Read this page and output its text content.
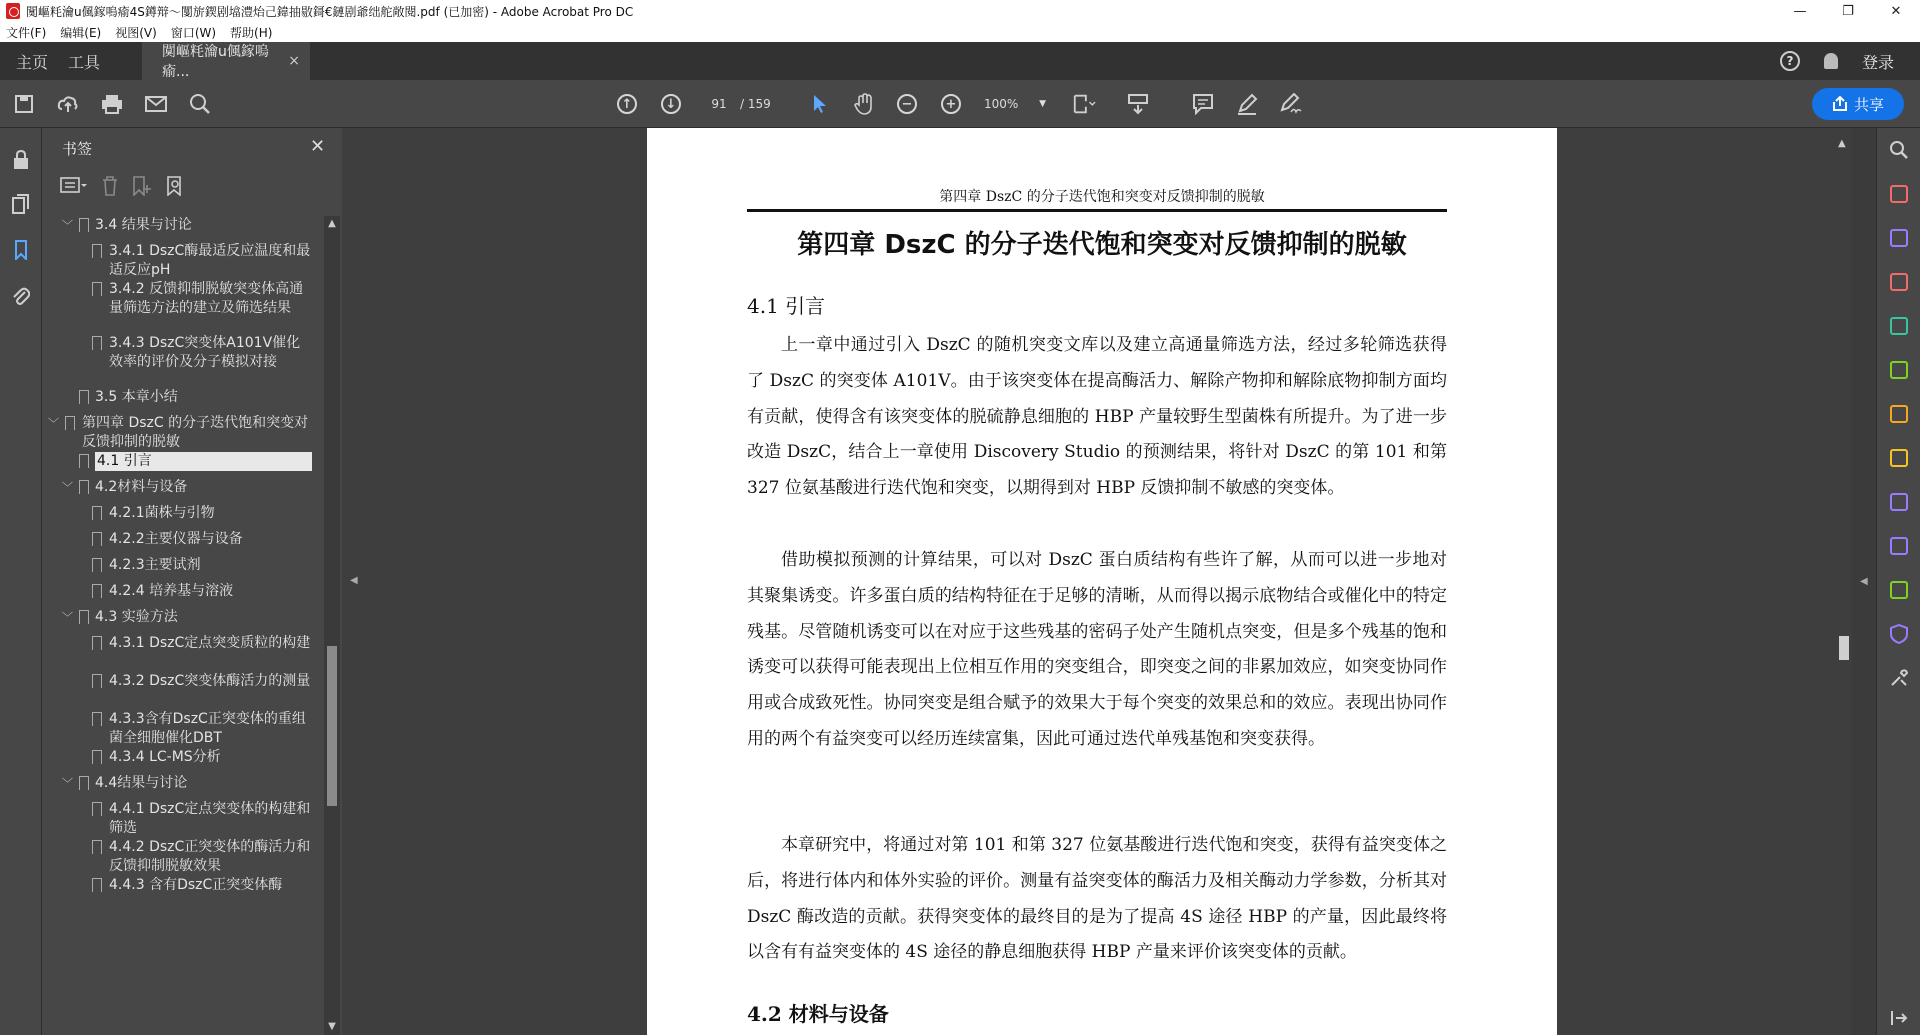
闃嶇粍瀹u偑鎵嗚瘉4S鐏辩～闅旂鍥剧墖澧炲己鍏抽敭鎶€鏈剧爺绌舵敞閱.pdf (已加密) - Adobe Acrobat Pro DC	—	❐	✕
文件(F) 编辑(E) 视图(V) 窗口(W) 帮助(H)
主页	工具
闃嶇粍瀹u偑鎵嗚瘉...
×	?	登录
↑	↓	91	/ 159	−	+	100% ▼	共享
书签	✕
﹀ 3.4 结果与讨论
3.4.1 DszC酶最适反应温度和最适反应pH
3.4.2 反馈抑制脱敏突变体高通量筛选方法的建立及筛选结果
3.4.3 DszC突变体A101V催化效率的评价及分子模拟对接
3.5 本章小结
﹀ 第四章 DszC 的分子迭代饱和突变对反馈抑制的脱敏
4.1 引言
﹀ 4.2材料与设备
4.2.1菌株与引物
4.2.2主要仪器与设备
4.2.3主要试剂
4.2.4 培养基与溶液
﹀ 4.3 实验方法
4.3.1 DszC定点突变质粒的构建
4.3.2 DszC突变体酶活力的测量
4.3.3含有DszC正突变体的重组菌全细胞催化DBT
4.3.4 LC-MS分析
﹀ 4.4结果与讨论
4.4.1 DszC定点突变体的构建和筛选
4.4.2 DszC正突变体的酶活力和反馈抑制脱敏效果
4.4.3 含有DszC正突变体酶
▲
▼
第四章 DszC 的分子迭代饱和突变对反馈抑制的脱敏
第四章 DszC 的分子迭代饱和突变对反馈抑制的脱敏
4.1 引言
上一章中通过引入 DszC 的随机突变文库以及建立高通量筛选方法，经过多轮筛选获得了 DszC 的突变体 A101V。由于该突变体在提高酶活力、解除产物抑和解除底物抑制方面均有贡献，使得含有该突变体的脱硫静息细胞的 HBP 产量较野生型菌株有所提升。为了进一步改造 DszC，结合上一章使用 Discovery Studio 的预测结果，将针对 DszC 的第 101 和第 327 位氨基酸进行迭代饱和突变，以期得到对 HBP 反馈抑制不敏感的突变体。
借助模拟预测的计算结果，可以对 DszC 蛋白质结构有些许了解，从而可以进一步地对其聚集诱变。许多蛋白质的结构特征在于足够的清晰，从而得以揭示底物结合或催化中的特定残基。尽管随机诱变可以在对应于这些残基的密码子处产生随机点突变，但是多个残基的饱和诱变可以获得可能表现出上位相互作用的突变组合，即突变之间的非累加效应，如突变协同作用或合成致死性。协同突变是组合赋予的效果大于每个突变的效果总和的效应。表现出协同作用的两个有益突变可以经历连续富集，因此可通过迭代单残基饱和突变获得。
本章研究中，将通过对第 101 和第 327 位氨基酸进行迭代饱和突变，获得有益突变体之后，将进行体内和体外实验的评价。测量有益突变体的酶活力及相关酶动力学参数，分析其对 DszC 酶改造的贡献。获得突变体的最终目的是为了提高 4S 途径 HBP 的产量，因此最终将以含有有益突变体的 4S 途径的静息细胞获得 HBP 产量来评价该突变体的贡献。
4.2 材料与设备
◀
▲
◀
